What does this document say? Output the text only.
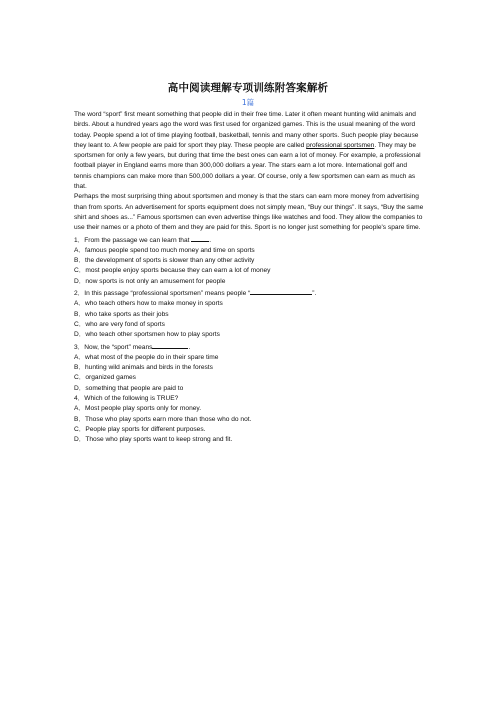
高中阅读理解专项训练附答案解析
1篇

The word “sport” first meant something that people did in their free time. Later it often meant hunting wild animals and birds. About a hundred years ago the word was first used for organized games. This is the usual meaning of the word today. People spend a lot of time playing football, basketball, tennis and many other sports. Such people play because they leant to. A few people are paid for sport they play. These people are called professional sportsmen. They may be sportsmen for only a few years, but during that time the best ones can earn a lot of money. For example, a professional football player in England earns more than 300,000 dollars a year. The stars earn a lot more. International golf and tennis champions can make more than 500,000 dollars a year. Of course, only a few sportsmen can earn as much as that.

Perhaps the most surprising thing about sportsmen and money is that the stars can earn more money from advertising than from sports. An advertisement for sports equipment does not simply mean, “Buy our things”. It says, “Buy the same shirt and shoes as...” Famous sportsmen can even advertise things like watches and food. They allow the companies to use their names or a photo of them and they are paid for this. Sport is no longer just something for people's spare time.

1．From the passage we can learn that	.

A．famous people spend too much money and time on sports

B．the development of sports is slower than any other activity

C．most people enjoy sports because they can earn a lot of money

D．now sports is not only an amusement for people

2．In this passage “professional sportsmen” means people “	”.

A．who teach others how to make money in sports

B．who take sports as their jobs

C．who are very fond of sports

D．who teach other sportsmen how to play sports

3．Now, the “sport” means	.

A．what most of the people do in their spare time

B．hunting wild animals and birds in the forests

C．organized games

D．something that people are paid to

4．Which of the following is TRUE?

A．Most people play sports only for money.

B．Those who play sports earn more than those who do not.

C．People play sports for different purposes.

D．Those who play sports want to keep strong and fit.
